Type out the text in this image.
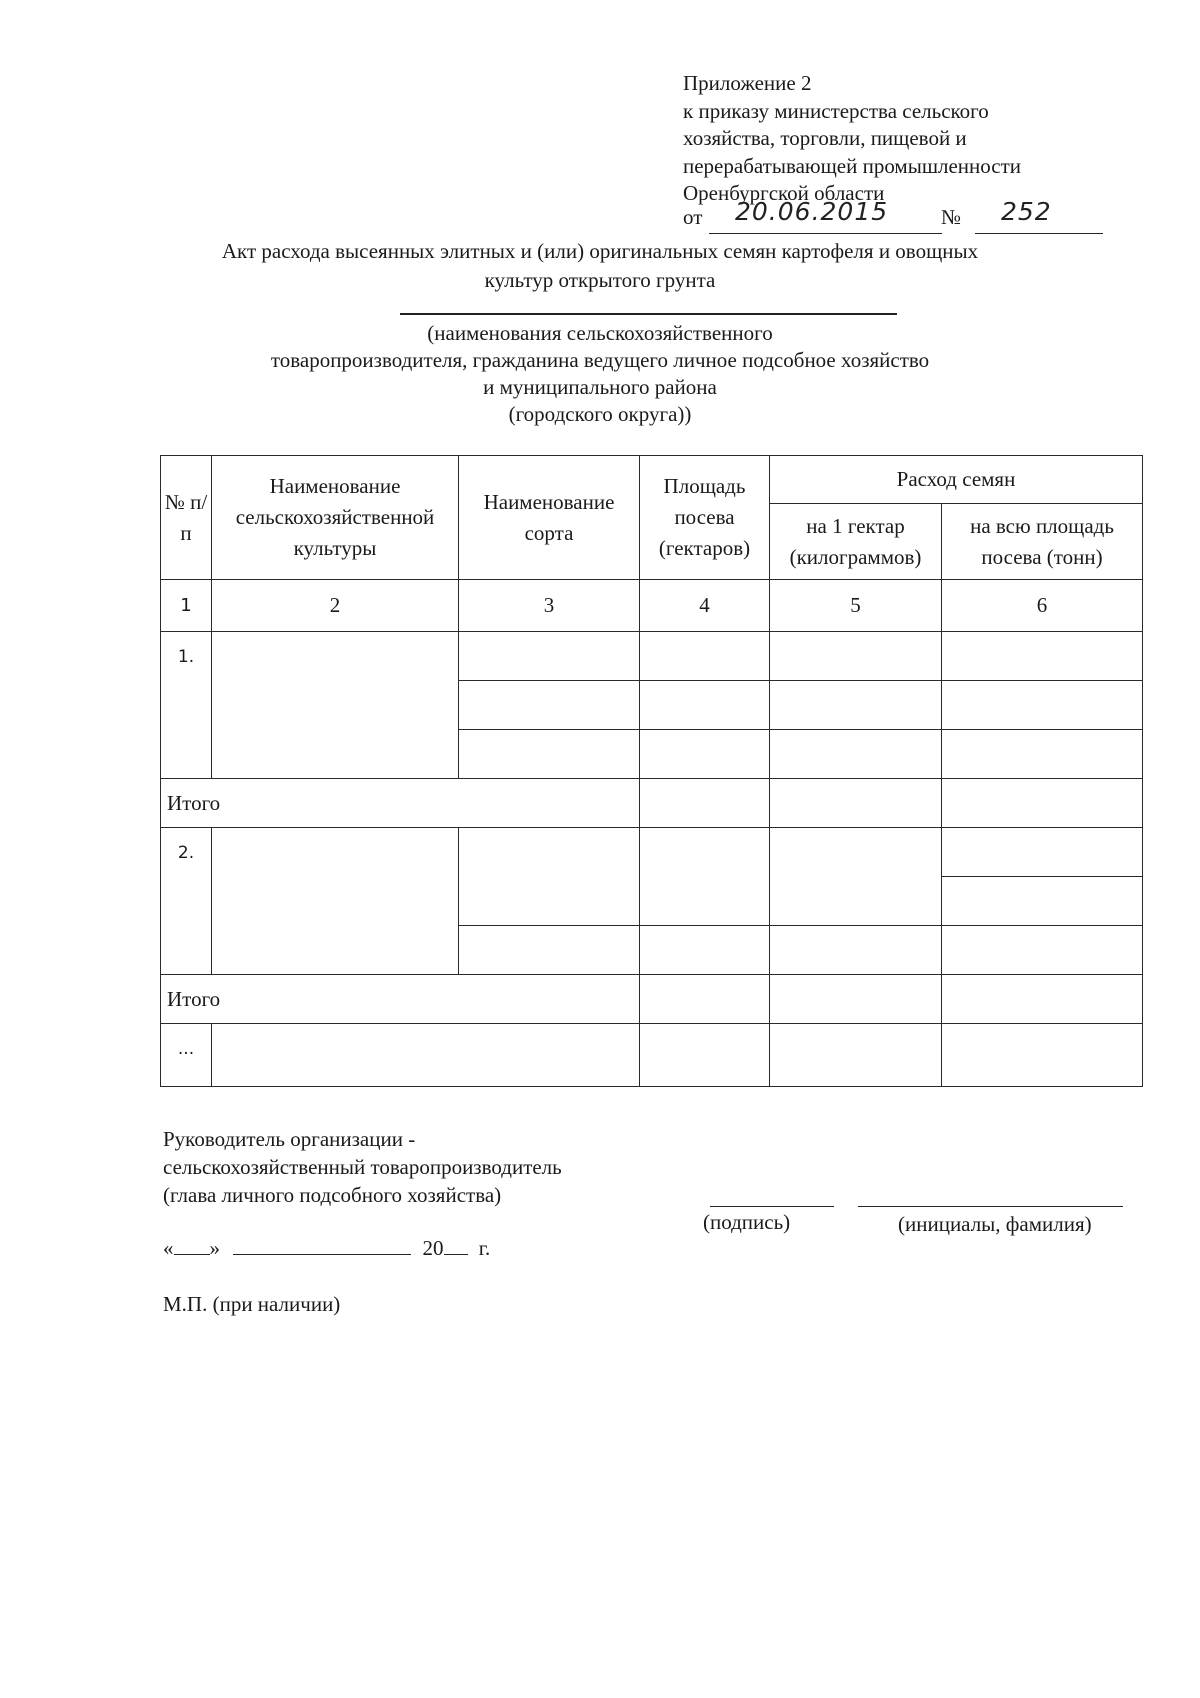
Приложение 2
к приказу министерства сельского
хозяйства, торговли, пищевой и
перерабатывающей промышленности
Оренбургской области
от 20.06.2015	№ 252
Акт расхода высеянных элитных и (или) оригинальных семян картофеля и овощных
культур открытого грунта
(наименования сельскохозяйственного
товаропроизводителя, гражданина ведущего личное подсобное хозяйство
и муниципального района
(городского округа))
№ п/п	Наименование сельскохозяйственной культуры	Наименование сорта	Площадь посева (гектаров)	Расход семян	
				на 1 гектар (килограммов)	на всю площадь посева (тонн)
1	2	3	4	5	6
1.					

Итого					
2.					

Итого					
...					
Руководитель организации -
сельскохозяйственный товаропроизводитель
(глава личного подсобного хозяйства)
(подпись)	(инициалы, фамилия)
« »	20 г.
М.П. (при наличии)
